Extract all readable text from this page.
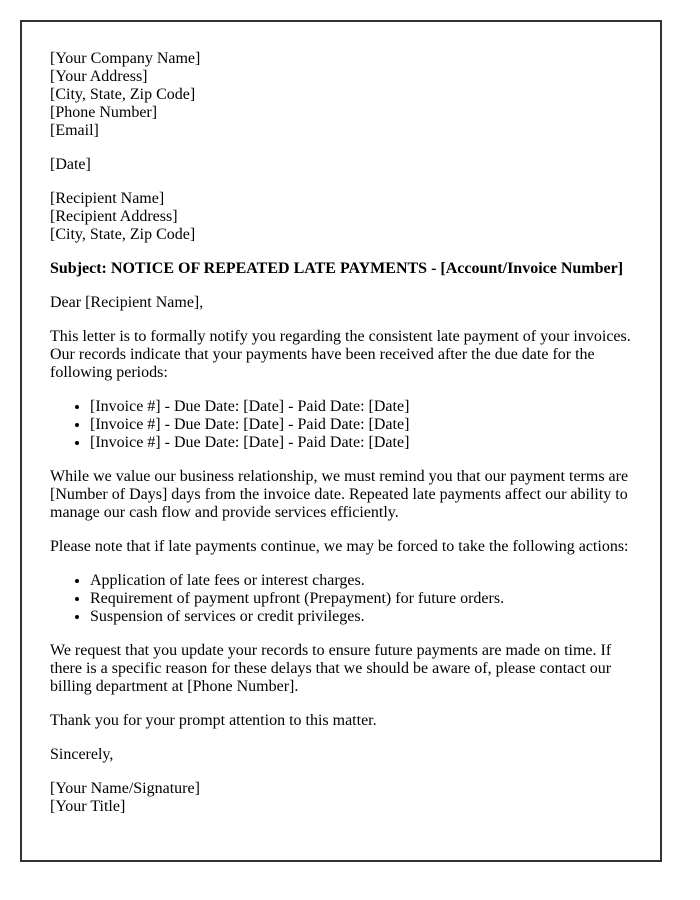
[Your Company Name]
[Your Address]
[City, State, Zip Code]
[Phone Number]
[Email]
[Date]
[Recipient Name]
[Recipient Address]
[City, State, Zip Code]
Subject: NOTICE OF REPEATED LATE PAYMENTS - [Account/Invoice Number]
Dear [Recipient Name],
This letter is to formally notify you regarding the consistent late payment of your invoices. Our records indicate that your payments have been received after the due date for the following periods:
• [Invoice #] - Due Date: [Date] - Paid Date: [Date]
• [Invoice #] - Due Date: [Date] - Paid Date: [Date]
• [Invoice #] - Due Date: [Date] - Paid Date: [Date]
While we value our business relationship, we must remind you that our payment terms are [Number of Days] days from the invoice date. Repeated late payments affect our ability to manage our cash flow and provide services efficiently.
Please note that if late payments continue, we may be forced to take the following actions:
• Application of late fees or interest charges.
• Requirement of payment upfront (Prepayment) for future orders.
• Suspension of services or credit privileges.
We request that you update your records to ensure future payments are made on time. If there is a specific reason for these delays that we should be aware of, please contact our billing department at [Phone Number].
Thank you for your prompt attention to this matter.
Sincerely,
[Your Name/Signature]
[Your Title]
